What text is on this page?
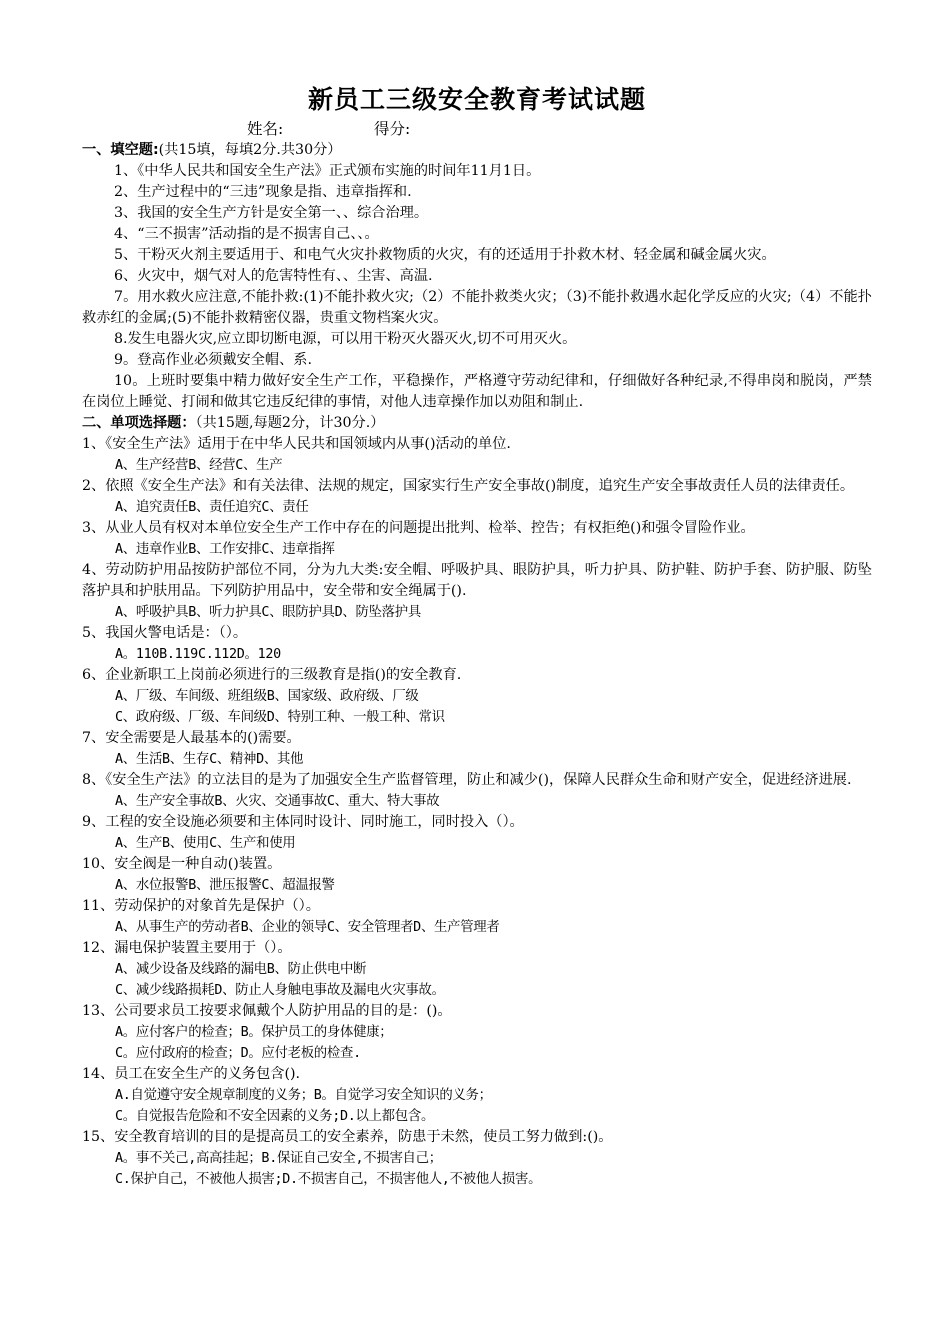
新员工三级安全教育考试试题
姓名:	得分:
一、填空题:(共15填，每填2分.共30分）

1、《中华人民共和国安全生产法》正式颁布实施的时间年11月1日。

2、生产过程中的“三违”现象是指、违章指挥和.

3、我国的安全生产方针是安全第一、、综合治理。

4、“三不损害”活动指的是不损害自己、、。

5、干粉灭火剂主要适用于、和电气火灾扑救物质的火灾，有的还适用于扑救木材、轻金属和碱金属火灾。

6、火灾中，烟气对人的危害特性有、、尘害、高温.

7。用水救火应注意,不能扑救:(1)不能扑救火灾;（2）不能扑救类火灾；（3)不能扑救遇水起化学反应的火灾;（4）不能扑救赤红的金属;(5)不能扑救精密仪器，贵重文物档案火灾。

8.发生电器火灾,应立即切断电源，可以用干粉灭火器灭火,切不可用灭火。

9。登高作业必须戴安全帽、系.

10。上班时要集中精力做好安全生产工作，平稳操作，严格遵守劳动纪律和，仔细做好各种纪录,不得串岗和脱岗，严禁在岗位上睡觉、打闹和做其它违反纪律的事情，对他人违章操作加以劝阻和制止.

二、单项选择题：（共15题,每题2分，计30分.）

1、《安全生产法》适用于在中华人民共和国领域内从事()活动的单位.

A、生产经营B、经营C、生产

2、依照《安全生产法》和有关法律、法规的规定，国家实行生产安全事故()制度，追究生产安全事故责任人员的法律责任。

A、追究责任B、责任追究C、责任

3、从业人员有权对本单位安全生产工作中存在的问题提出批判、检举、控告；有权拒绝()和强令冒险作业。

A、违章作业B、工作安排C、违章指挥

4、劳动防护用品按防护部位不同，分为九大类:安全帽、呼吸护具、眼防护具，听力护具、防护鞋、防护手套、防护服、防坠落护具和护肤用品。下列防护用品中，安全带和安全绳属于().

A、呼吸护具B、听力护具C、眼防护具D、防坠落护具

5、我国火警电话是：（）。

A。110B.119C.112D。120

6、企业新职工上岗前必须进行的三级教育是指()的安全教育.

A、厂级、车间级、班组级B、国家级、政府级、厂级

C、政府级、厂级、车间级D、特别工种、一般工种、常识

7、安全需要是人最基本的()需要。

A、生活B、生存C、精神D、其他

8、《安全生产法》的立法目的是为了加强安全生产监督管理，防止和减少()，保障人民群众生命和财产安全，促进经济进展.

A、生产安全事故B、火灾、交通事故C、重大、特大事故

9、工程的安全设施必须要和主体同时设计、同时施工，同时投入（）。

A、生产B、使用C、生产和使用

10、安全阀是一种自动()装置。

A、水位报警B、泄压报警C、超温报警

11、劳动保护的对象首先是保护（）。

A、从事生产的劳动者B、企业的领导C、安全管理者D、生产管理者

12、漏电保护装置主要用于（）。

A、减少设备及线路的漏电B、防止供电中断

C、减少线路损耗D、防止人身触电事故及漏电火灾事故。

13、公司要求员工按要求佩戴个人防护用品的目的是：()。

A。应付客户的检查；B。保护员工的身体健康；

C。应付政府的检查；D。应付老板的检查.

14、员工在安全生产的义务包含().

A.自觉遵守安全规章制度的义务；B。自觉学习安全知识的义务；

C。自觉报告危险和不安全因素的义务;D.以上都包含。

15、安全教育培训的目的是提高员工的安全素养，防患于未然，使员工努力做到:()。

A。事不关己,高高挂起；B.保证自己安全,不损害自己；

C.保护自己，不被他人损害;D.不损害自己，不损害他人,不被他人损害。
